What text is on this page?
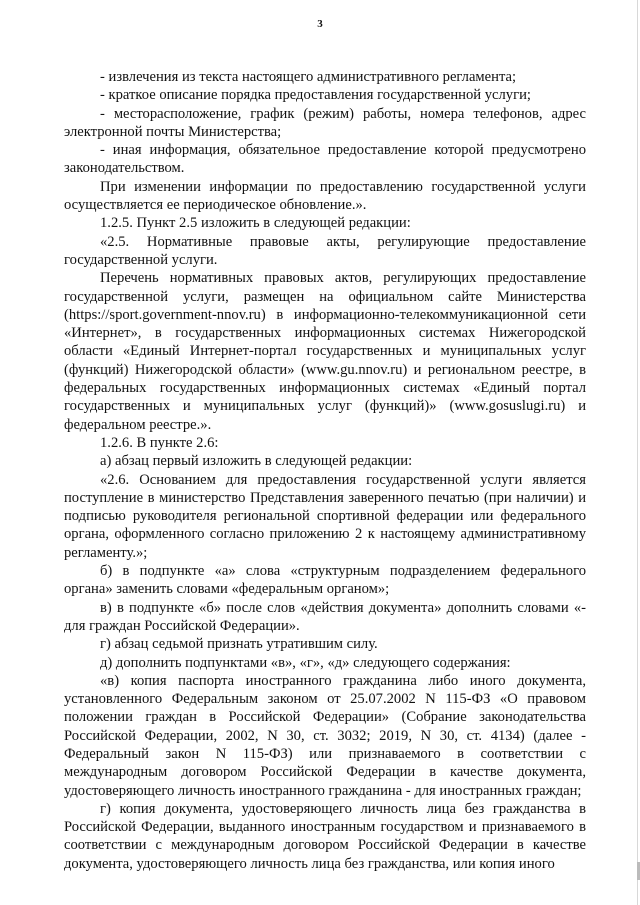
3

- извлечения из текста настоящего административного регламента;

- краткое описание порядка предоставления государственной услуги;

- месторасположение, график (режим) работы, номера телефонов, адрес электронной почты Министерства;

- иная информация, обязательное предоставление которой предусмотрено законодательством.

При изменении информации по предоставлению государственной услуги осуществляется ее периодическое обновление.».

1.2.5. Пункт 2.5 изложить в следующей редакции:

«2.5. Нормативные правовые акты, регулирующие предоставление государственной услуги.

Перечень нормативных правовых актов, регулирующих предоставление государственной услуги, размещен на официальном сайте Министерства (https://sport.government-nnov.ru) в информационно-телекоммуникационной сети «Интернет», в государственных информационных системах Нижегородской области «Единый Интернет-портал государственных и муниципальных услуг (функций) Нижегородской области» (www.gu.nnov.ru) и региональном реестре, в федеральных государственных информационных системах «Единый портал государственных и муниципальных услуг (функций)» (www.gosuslugi.ru) и федеральном реестре.».

1.2.6. В пункте 2.6:

а) абзац первый изложить в следующей редакции:

«2.6. Основанием для предоставления государственной услуги является поступление в министерство Представления заверенного печатью (при наличии) и подписью руководителя региональной спортивной федерации или федерального органа, оформленного согласно приложению 2 к настоящему административному регламенту.»;

б) в подпункте «а» слова «структурным подразделением федерального органа» заменить словами «федеральным органом»;

в) в подпункте «б» после слов «действия документа» дополнить словами «- для граждан Российской Федерации».

г) абзац седьмой признать утратившим силу.

д) дополнить подпунктами «в», «г», «д» следующего содержания:

«в) копия паспорта иностранного гражданина либо иного документа, установленного Федеральным законом от 25.07.2002 N 115-ФЗ «О правовом положении граждан в Российской Федерации» (Собрание законодательства Российской Федерации, 2002, N 30, ст. 3032; 2019, N 30, ст. 4134) (далее - Федеральный закон N 115-ФЗ) или признаваемого в соответствии с международным договором Российской Федерации в качестве документа, удостоверяющего личность иностранного гражданина - для иностранных граждан;

г) копия документа, удостоверяющего личность лица без гражданства в Российской Федерации, выданного иностранным государством и признаваемого в соответствии с международным договором Российской Федерации в качестве документа, удостоверяющего личность лица без гражданства, или копия иного
